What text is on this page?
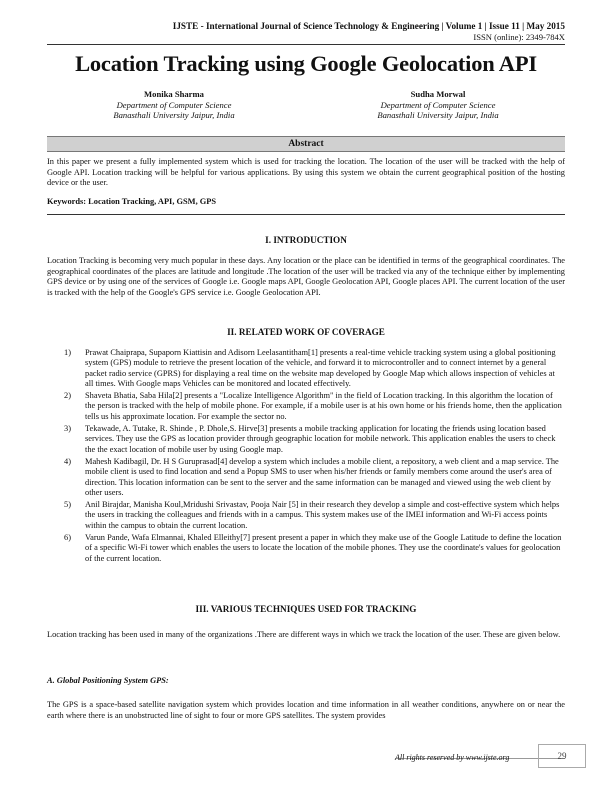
IJSTE - International Journal of Science Technology & Engineering | Volume 1 | Issue 11 | May 2015
ISSN (online): 2349-784X
Location Tracking using Google Geolocation API
Monika Sharma
Department of Computer Science
Banasthali University Jaipur, India
Sudha Morwal
Department of Computer Science
Banasthali University Jaipur, India
Abstract
In this paper we present a fully implemented system which is used for tracking the location. The location of the user will be tracked with the help of Google API. Location tracking will be helpful for various applications. By using this system we obtain the current geographical position of the hosting device or the user.
Keywords: Location Tracking, API, GSM, GPS
I. INTRODUCTION
Location Tracking is becoming very much popular in these days. Any location or the place can be identified in terms of the geographical coordinates. The geographical coordinates of the places are latitude and longitude .The location of the user will be tracked via any of the technique either by implementing GPS device or by using one of the services of Google i.e. Google maps API, Google Geolocation API, Google places API. The current location of the user is tracked with the help of the Google's GPS service i.e. Google Geolocation API.
II. RELATED WORK OF COVERAGE
1) Prawat Chaiprapa, Supaporn Kiattisin and Adisorn Leelasantitham[1] presents a real-time vehicle tracking system using a global positioning system (GPS) module to retrieve the present location of the vehicle, and forward it to microcontroller and to connect internet by a general packet radio service (GPRS) for displaying a real time on the website map developed by Google Map which allows inspection of vehicles at all times. With Google maps Vehicles can be monitored and located effectively.
2) Shaveta Bhatia, Saba Hila[2] presents a "Localize Intelligence Algorithm" in the field of Location tracking. In this algorithm the location of the person is tracked with the help of mobile phone. For example, if a mobile user is at his own home or his friends home, then the application tells us his approximate location. For example the sector no.
3) Tekawade, A. Tutake, R. Shinde , P. Dhole,S. Hirve[3] presents a mobile tracking application for locating the friends using location based services. They use the GPS as location provider through geographic location for mobile network. This application enables the users to check the the exact location of mobile user by using Google map.
4) Mahesh Kadibagil, Dr. H S Guruprasad[4] develop a system which includes a mobile client, a repository, a web client and a map service. The mobile client is used to find location and send a Popup SMS to user when his/her friends or family members come around the user's area of direction. This location information can be sent to the server and the same information can be managed and viewed using the web client by other users.
5) Anil Birajdar, Manisha Koul,Mridushi Srivastav, Pooja Nair [5] in their research they develop a simple and cost-effective system which helps the users in tracking the colleagues and friends with in a campus. This system makes use of the IMEI information and Wi-Fi access points within the campus to obtain the current location.
6) Varun Pande, Wafa Elmannai, Khaled Elleithy[7] present present a paper in which they make use of the Google Latitude to define the location of a specific Wi-Fi tower which enables the users to locate the location of the mobile phones. They use the coordinate's values for geolocation of the current location.
III. VARIOUS TECHNIQUES USED FOR TRACKING
Location tracking has been used in many of the organizations .There are different ways in which we track the location of the user. These are given below.
A. Global Positioning System GPS:
The GPS is a space-based satellite navigation system which provides location and time information in all weather conditions, anywhere on or near the earth where there is an unobstructed line of sight to four or more GPS satellites. The system provides
All rights reserved by www.ijste.org	29
